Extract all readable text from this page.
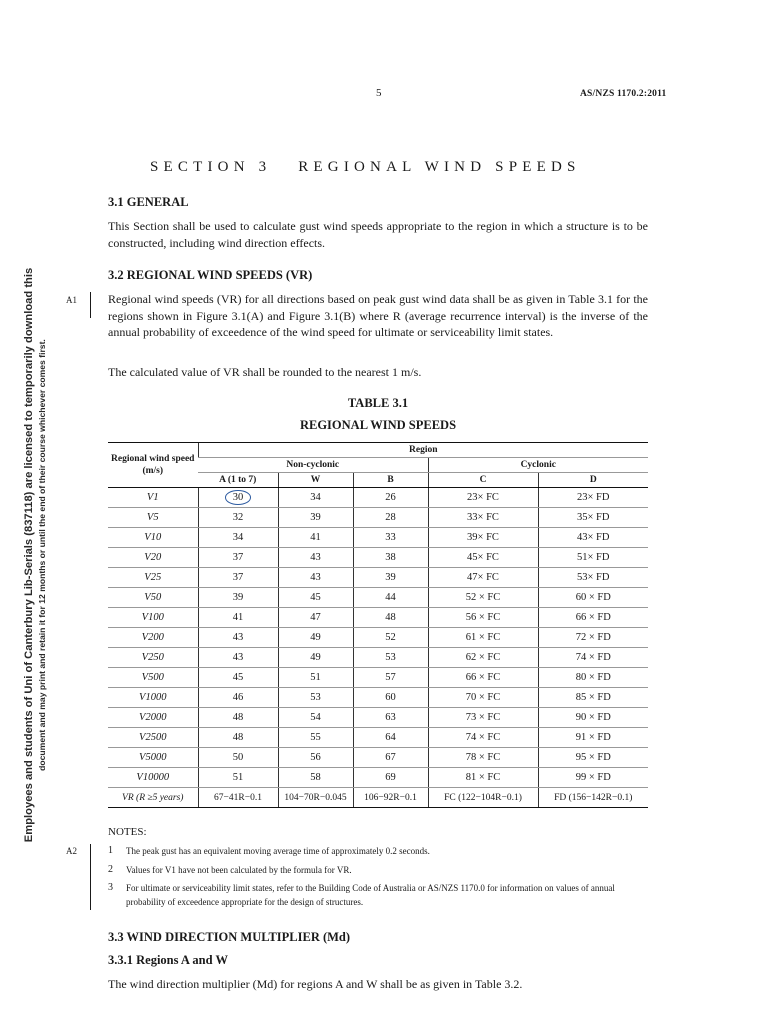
5	AS/NZS 1170.2:2011
SECTION 3   REGIONAL WIND SPEEDS
3.1 GENERAL
This Section shall be used to calculate gust wind speeds appropriate to the region in which a structure is to be constructed, including wind direction effects.
3.2 REGIONAL WIND SPEEDS (VR)
A1	Regional wind speeds (VR) for all directions based on peak gust wind data shall be as given in Table 3.1 for the regions shown in Figure 3.1(A) and Figure 3.1(B) where R (average recurrence interval) is the inverse of the annual probability of exceedence of the wind speed for ultimate or serviceability limit states.
The calculated value of VR shall be rounded to the nearest 1 m/s.
TABLE 3.1
REGIONAL WIND SPEEDS
Regional wind speed (m/s)	Region				
	Non-cyclonic			Cyclonic	
	A (1 to 7)	W	B	C	D
V1	30	34	26	23× FC	23× FD
V5	32	39	28	33× FC	35× FD
V10	34	41	33	39× FC	43× FD
V20	37	43	38	45× FC	51× FD
V25	37	43	39	47× FC	53× FD
V50	39	45	44	52 × FC	60 × FD
V100	41	47	48	56 × FC	66 × FD
V200	43	49	52	61 × FC	72 × FD
V250	43	49	53	62 × FC	74 × FD
V500	45	51	57	66 × FC	80 × FD
V1000	46	53	60	70 × FC	85 × FD
V2000	48	54	63	73 × FC	90 × FD
V2500	48	55	64	74 × FC	91 × FD
V5000	50	56	67	78 × FC	95 × FD
V10000	51	58	69	81 × FC	99 × FD
VR (R ≥5 years)	67−41R−0.1	104−70R−0.045	106−92R−0.1	FC (122−104R−0.1)	FD (156−142R−0.1)
NOTES:
A2	1	The peak gust has an equivalent moving average time of approximately 0.2 seconds.
2	Values for V1 have not been calculated by the formula for VR.
3	For ultimate or serviceability limit states, refer to the Building Code of Australia or AS/NZS 1170.0 for information on values of annual probability of exceedence appropriate for the design of structures.
3.3 WIND DIRECTION MULTIPLIER (Md)
3.3.1 Regions A and W
The wind direction multiplier (Md) for regions A and W shall be as given in Table 3.2.
Employees and students of Uni of Canterbury Lib-Serials (837118) are licensed to temporarily download this document and may print and retain it for 12 months or until the end of their course whichever comes first.
